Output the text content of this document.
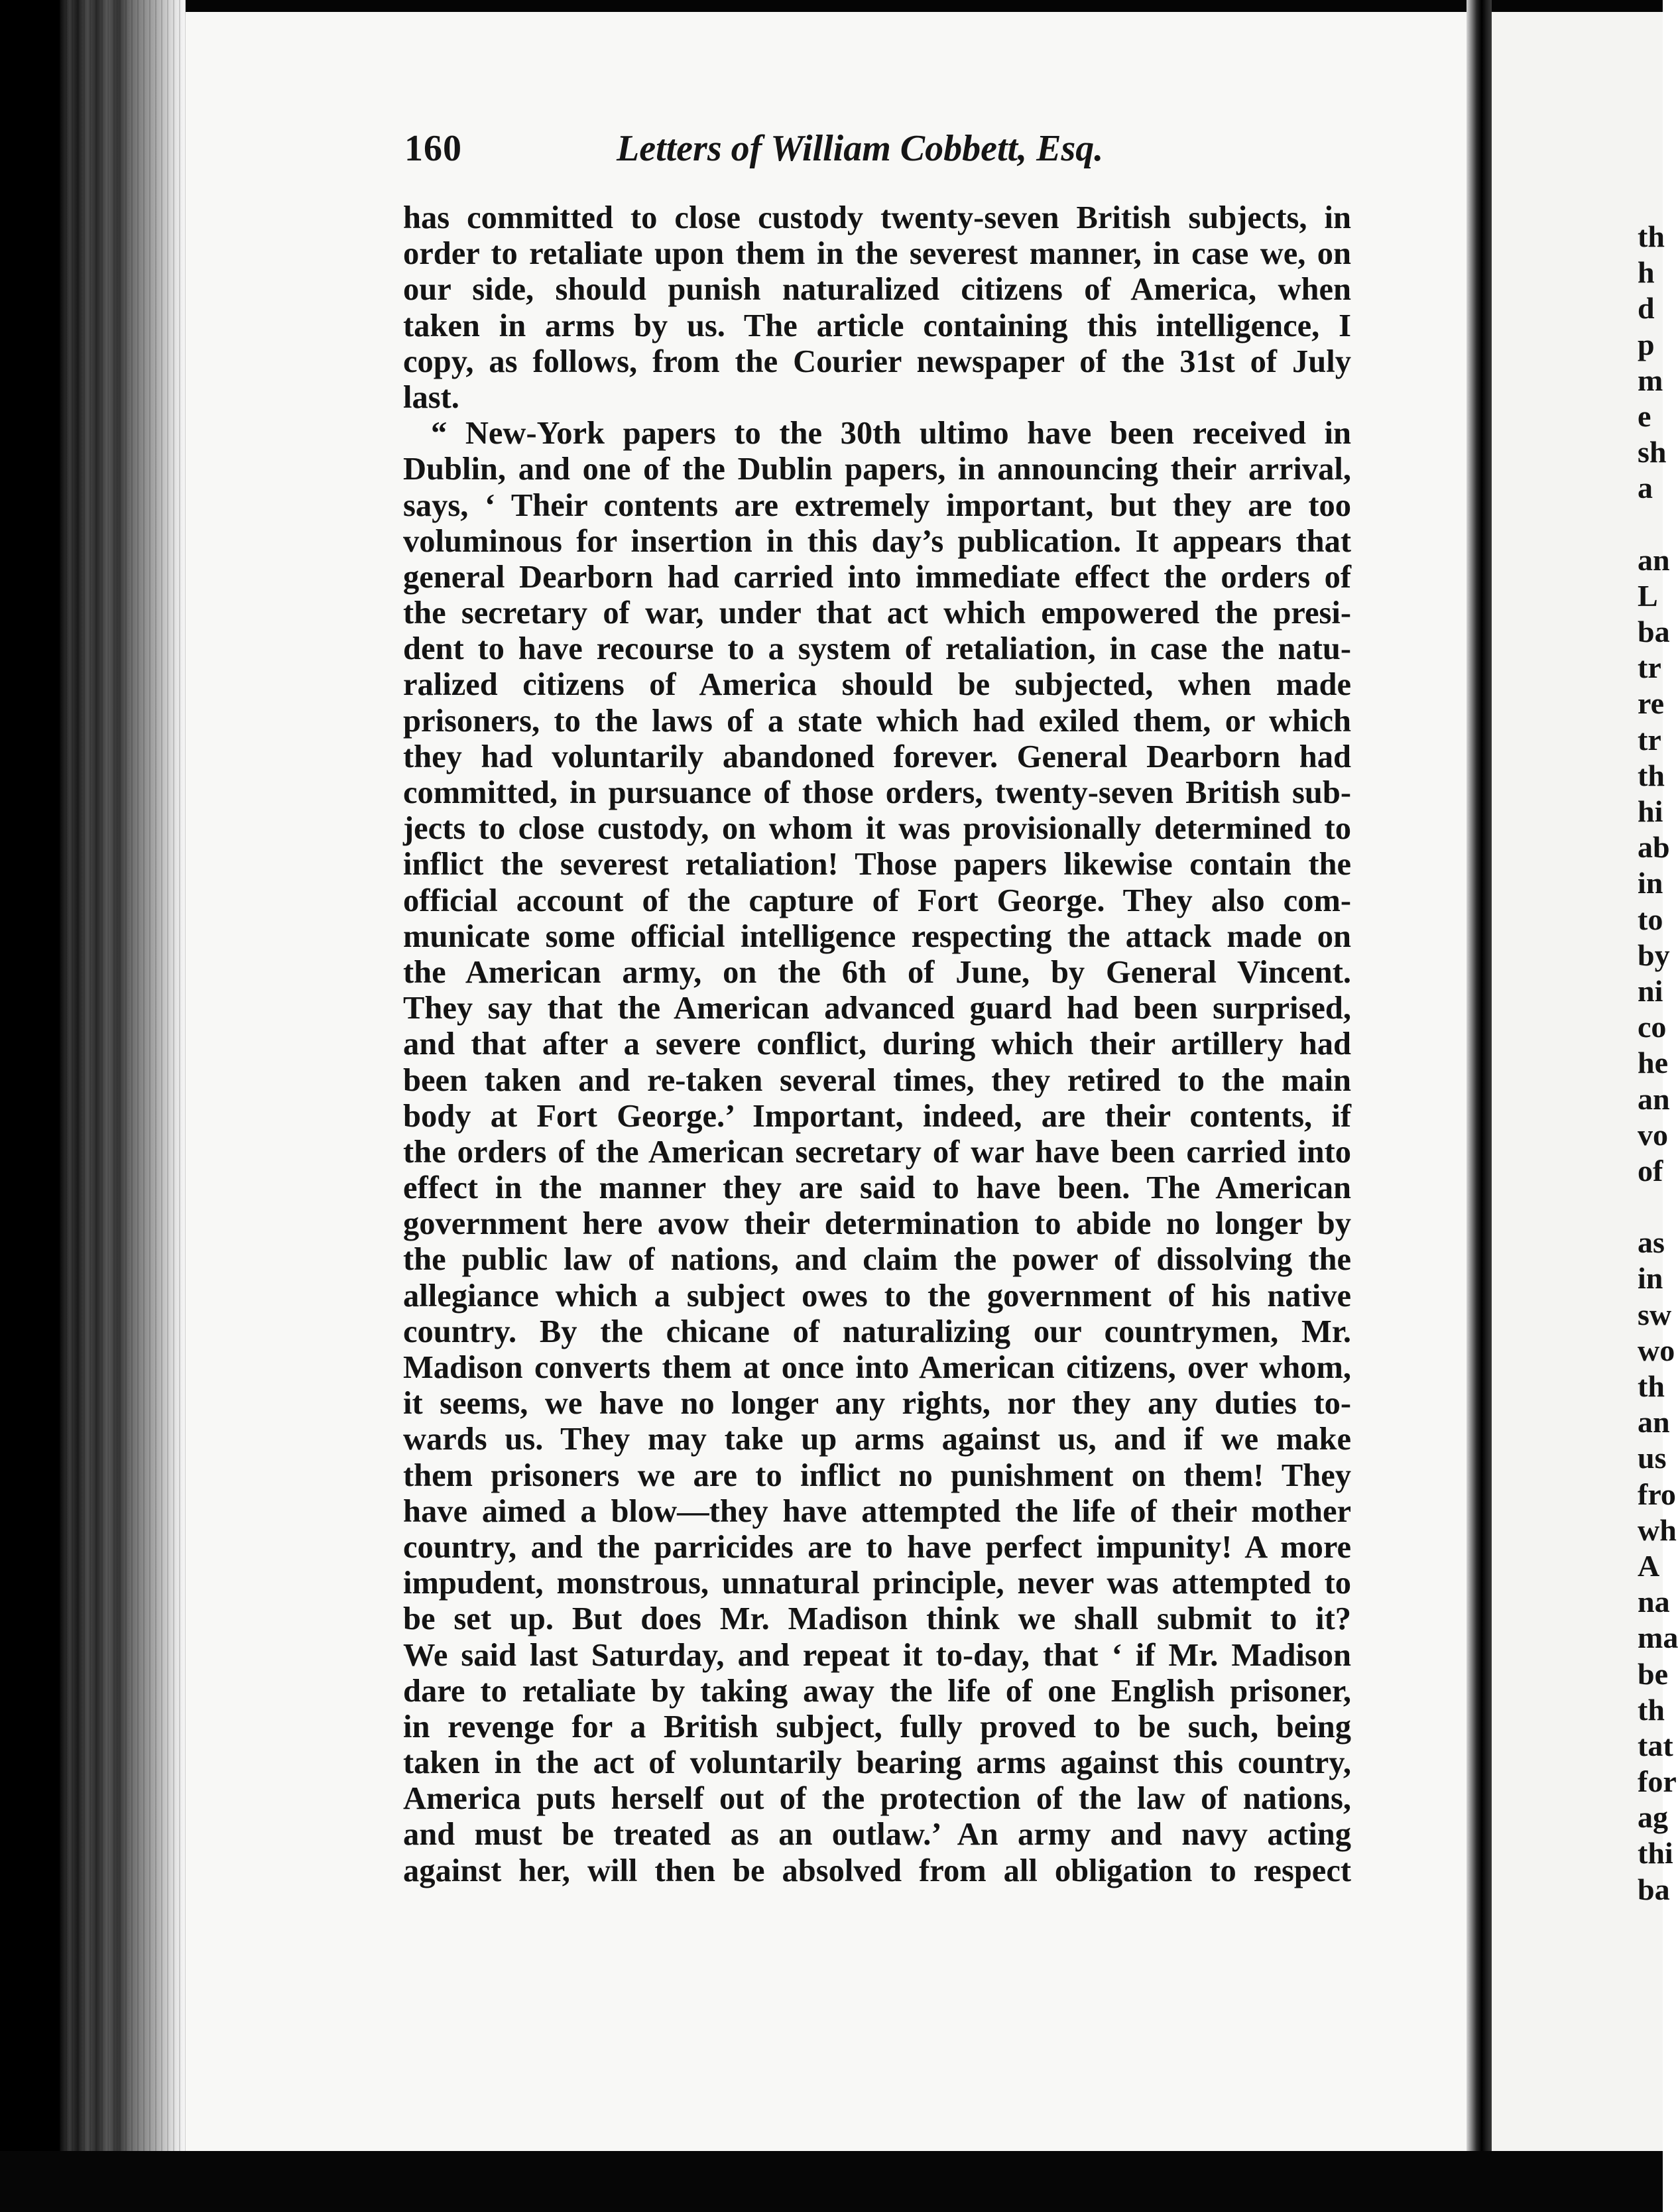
160	Letters of William Cobbett, Esq.
has committed to close custody twenty-seven British subjects, in
order to retaliate upon them in the severest manner, in case we, on
our side, should punish naturalized citizens of America, when
taken in arms by us. The article containing this intelligence, I
copy, as follows, from the Courier newspaper of the 31st of July
last.
“ New-York papers to the 30th ultimo have been received in
Dublin, and one of the Dublin papers, in announcing their arrival,
says, ‘ Their contents are extremely important, but they are too
voluminous for insertion in this day’s publication. It appears that
general Dearborn had carried into immediate effect the orders of
the secretary of war, under that act which empowered the presi-
dent to have recourse to a system of retaliation, in case the natu-
ralized citizens of America should be subjected, when made
prisoners, to the laws of a state which had exiled them, or which
they had voluntarily abandoned forever. General Dearborn had
committed, in pursuance of those orders, twenty-seven British sub-
jects to close custody, on whom it was provisionally determined to
inflict the severest retaliation! Those papers likewise contain the
official account of the capture of Fort George. They also com-
municate some official intelligence respecting the attack made on
the American army, on the 6th of June, by General Vincent.
They say that the American advanced guard had been surprised,
and that after a severe conflict, during which their artillery had
been taken and re-taken several times, they retired to the main
body at Fort George.’ Important, indeed, are their contents, if
the orders of the American secretary of war have been carried into
effect in the manner they are said to have been. The American
government here avow their determination to abide no longer by
the public law of nations, and claim the power of dissolving the
allegiance which a subject owes to the government of his native
country. By the chicane of naturalizing our countrymen, Mr.
Madison converts them at once into American citizens, over whom,
it seems, we have no longer any rights, nor they any duties to-
wards us. They may take up arms against us, and if we make
them prisoners we are to inflict no punishment on them! They
have aimed a blow—they have attempted the life of their mother
country, and the parricides are to have perfect impunity! A more
impudent, monstrous, unnatural principle, never was attempted to
be set up. But does Mr. Madison think we shall submit to it?
We said last Saturday, and repeat it to-day, that ‘ if Mr. Madison
dare to retaliate by taking away the life of one English prisoner,
in revenge for a British subject, fully proved to be such, being
taken in the act of voluntarily bearing arms against this country,
America puts herself out of the protection of the law of nations,
and must be treated as an outlaw.’ An army and navy acting
against her, will then be absolved from all obligation to respect
th
h
d
p
m
e
sh
a
an
L
ba
tr
re
tr
th
hi
ab
in
to
by
ni
co
he
an
vo
of
as
in
sw
wo
th
an
us
fro
wh
A
na
ma
be
th
tat
for
ag
thi
ba
